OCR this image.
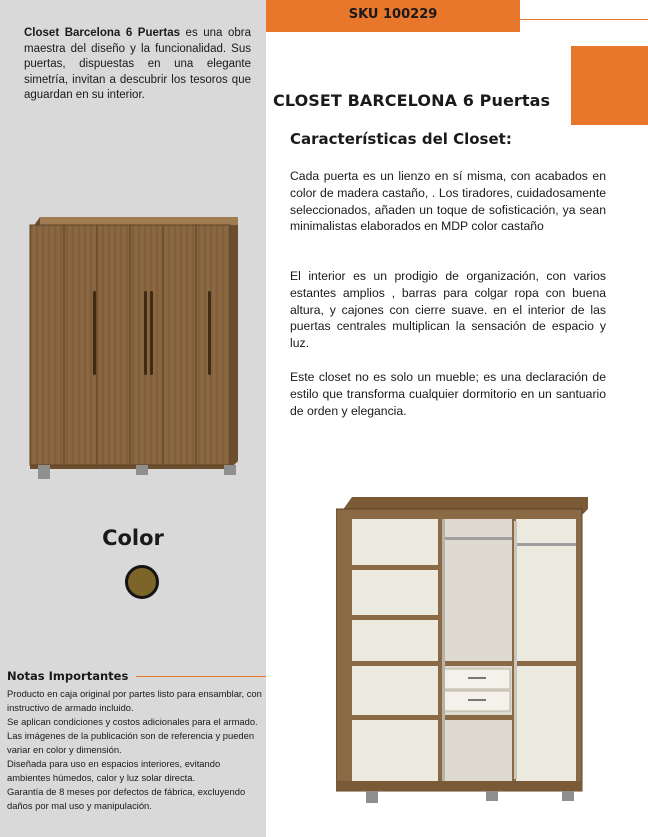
Closet Barcelona 6 Puertas es una obra maestra del diseño y la funcionalidad. Sus puertas, dispuestas en una elegante simetría, invitan a descubrir los tesoros que aguardan en su interior.

Color
Notas Importantes

Producto en caja original por partes listo para ensamblar, con instructivo de armado incluido.

Se aplican condiciones y costos adicionales para el armado.

Las imágenes de la publicación son de referencia y pueden variar en color y dimensión.

Diseñada para uso en espacios interiores, evitando ambientes húmedos, calor y luz solar directa.

Garantía de 8 meses por defectos de fábrica, excluyendo daños por mal uso y manipulación.

SKU 100229
CLOSET BARCELONA 6 Puertas
Características del Closet:

Cada puerta es un lienzo en sí misma, con acabados en color de madera castaño, . Los tiradores, cuidadosamente seleccionados, añaden un toque de sofisticación, ya sean minimalistas elaborados en MDP color castaño

El interior es un prodigio de organización, con varios estantes amplios , barras para colgar ropa con buena altura, y cajones con cierre suave. en el interior de las puertas centrales multiplican la sensación de espacio y luz.

Este closet no es solo un mueble; es una declaración de estilo que transforma cualquier dormitorio en un santuario de orden y elegancia.
